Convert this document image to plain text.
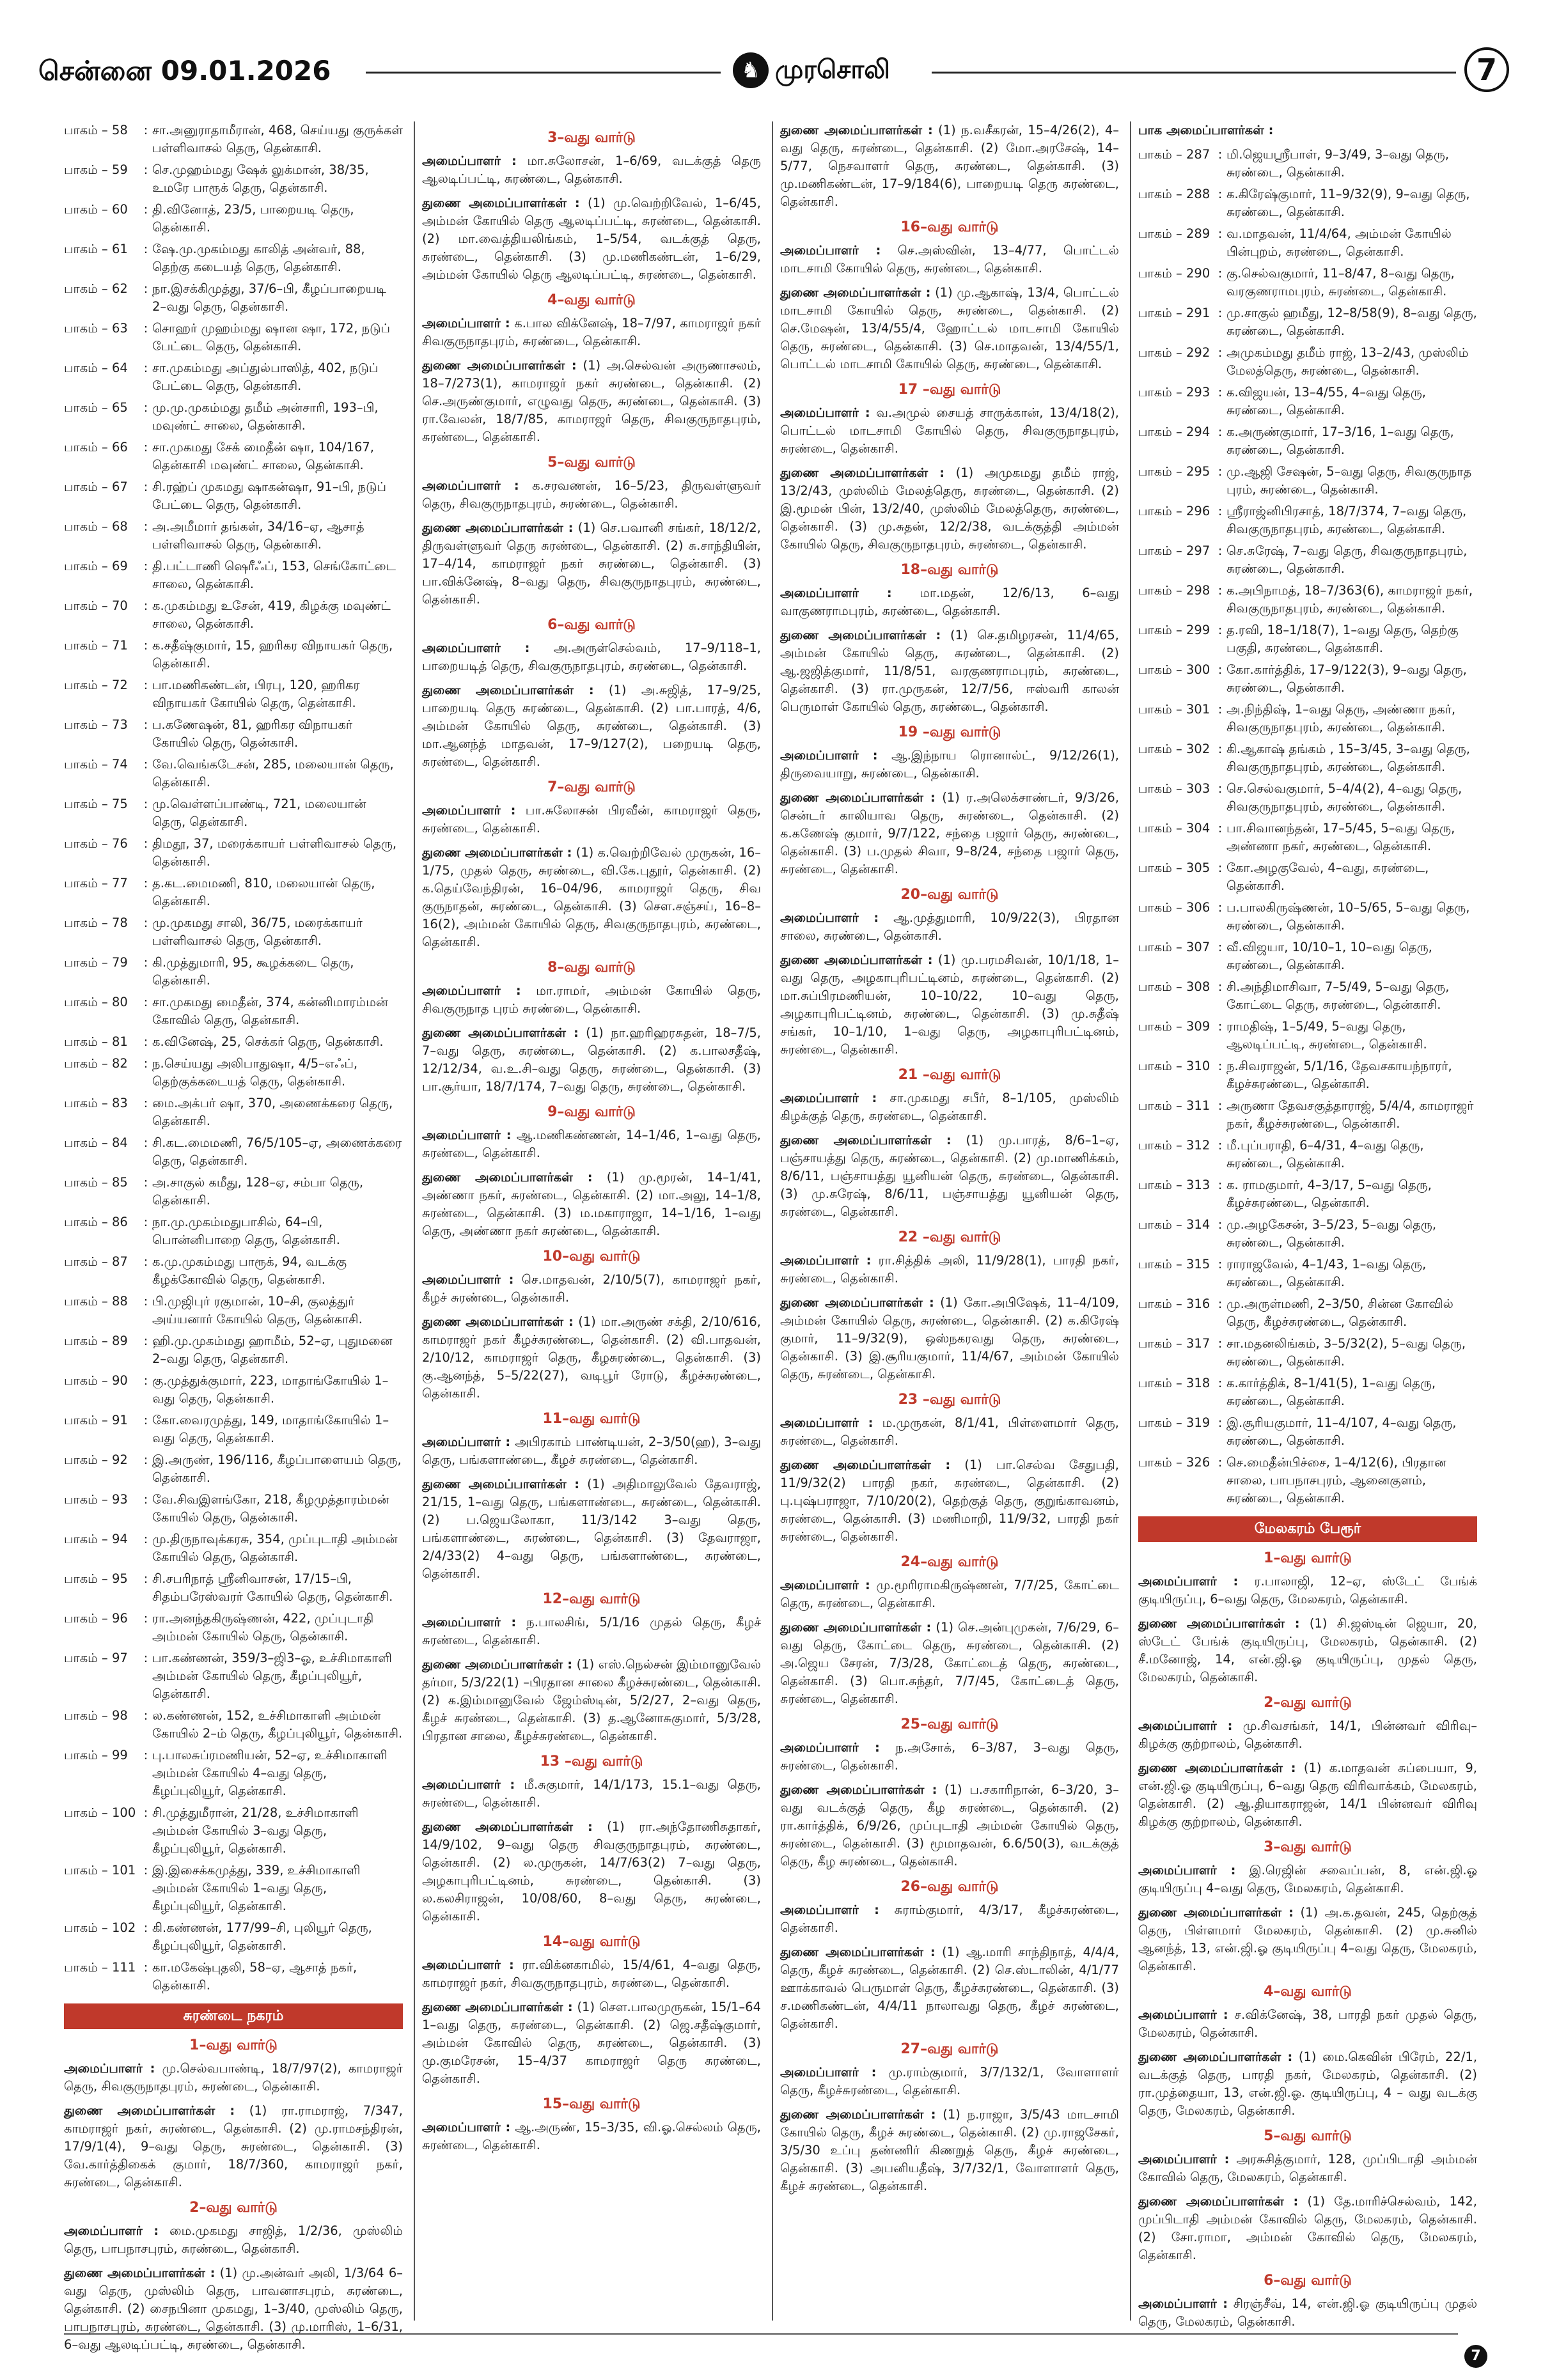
சென்னை 09.01.2026	♞ முரசொலி	7
பாகம் – 58	: சா.அனுராதாமீரான், 468, செய்யது குருக்கள் பள்ளிவாசல் தெரு, தென்காசி.
பாகம் – 59	: செ.முஹம்மது ஷேக் லுக்மான், 38/35, உமரே பாரூக் தெரு, தென்காசி.
பாகம் – 60	: தி.வினோத், 23/5, பாறையடி தெரு, தென்காசி.
பாகம் – 61	: ஷே.மு.முகம்மது காலித் அன்வர், 88, தெற்கு கடையத் தெரு, தென்காசி.
பாகம் – 62	: நா.இசக்கிமுத்து, 37/6–பி, கீழப்பாறையடி 2–வது தெரு, தென்காசி.
பாகம் – 63	: சொஹர் முஹம்மது ஷான ஷா, 172, நடுப் பேட்டை தெரு, தென்காசி.
பாகம் – 64	: சா.முகம்மது அப்துல்பாஸித், 402, நடுப் பேட்டை தெரு, தென்காசி.
பாகம் – 65	: மு.மு.முகம்மது தமீம் அன்சாரி, 193–பி, மவுண்ட் சாலை, தென்காசி.
பாகம் – 66	: சா.முகமது சேக் மைதீன் ஷா, 104/167, தென்காசி மவுண்ட் சாலை, தென்காசி.
பாகம் – 67	: சி.ரஹ்ப் முகமது ஷாகன்ஷா, 91–பி, நடுப் பேட்டை தெரு, தென்காசி.
பாகம் – 68	: அ.அமீமார் தங்கள், 34/16–ஏ, ஆசாத் பள்ளிவாசல் தெரு, தென்காசி.
பாகம் – 69	: தி.பட்டாணி ஷெரீஃப், 153, செங்கோட்டை சாலை, தென்காசி.
பாகம் – 70	: க.முகம்மது உசேன், 419, கிழக்கு மவுண்ட் சாலை, தென்காசி.
பாகம் – 71	: க.சதீஷ்குமார், 15, ஹரிகர விநாயகர் தெரு, தென்காசி.
பாகம் – 72	: பா.மணிகண்டன், பிரபு, 120, ஹரிகர விநாயகர் கோயில் தெரு, தென்காசி.
பாகம் – 73	: ப.கணேஷன், 81, ஹரிகர விநாயகர் கோயில் தெரு, தென்காசி.
பாகம் – 74	: வே.வெங்கடேசன், 285, மலையான் தெரு, தென்காசி.
பாகம் – 75	: மு.வெள்ளப்பாண்டி, 721, மலையான் தெரு, தென்காசி.
பாகம் – 76	: திமதூ, 37, மரைக்காயர் பள்ளிவாசல் தெரு, தென்காசி.
பாகம் – 77	: த.கட.மைமணி, 810, மலையான் தெரு, தென்காசி.
பாகம் – 78	: மு.முகமது சாலி, 36/75, மரைக்காயர் பள்ளிவாசல் தெரு, தென்காசி.
பாகம் – 79	: கி.முத்துமாரி, 95, கூழக்கடை தெரு, தென்காசி.
பாகம் – 80	: சா.முகமது மைதீன், 374, கன்னிமாரம்மன் கோவில் தெரு, தென்காசி.
பாகம் – 81	: க.வினேஷ், 25, செக்கர் தெரு, தென்காசி.
பாகம் – 82	: ந.செய்யது அலிபாதுஷா, 4/5–எஃப், தெற்குக்கடையத் தெரு, தென்காசி.
பாகம் – 83	: மை.அக்பர் ஷா, 370, அணைக்கரை தெரு, தென்காசி.
பாகம் – 84	: சி.கட.மைமணி, 76/5/105–ஏ, அணைக்கரை தெரு, தென்காசி.
பாகம் – 85	: அ.சாகுல் கமீது, 128–ஏ, சம்பா தெரு, தென்காசி.
பாகம் – 86	: நா.மு.முகம்மதுபாசில், 64–பி, பொன்னிபாறை தெரு, தென்காசி.
பாகம் – 87	: க.மு.முகம்மது பாரூக், 94, வடக்கு கீழக்கோவில் தெரு, தென்காசி.
பாகம் – 88	: பி.முஜிபுர் ரகுமான், 10–சி, குலத்துர் அய்யனார் கோயில் தெரு, தென்காசி.
பாகம் – 89	: ஹி.மு.முகம்மது ஹாமீம், 52–ஏ, புதுமனை 2–வது தெரு, தென்காசி.
பாகம் – 90	: கு.முத்துக்குமார், 223, மாதாங்கோயில் 1–வது தெரு, தென்காசி.
பாகம் – 91	: கோ.வைரமுத்து, 149, மாதாங்கோயில் 1–வது தெரு, தென்காசி.
பாகம் – 92	: இ.அருண், 196/116, கீழப்பாளையம் தெரு, தென்காசி.
பாகம் – 93	: வே.சிவஇளங்கோ, 218, கீழமுத்தாரம்மன் கோயில் தெரு, தென்காசி.
பாகம் – 94	: மு.திருநாவுக்கரசு, 354, முப்புடாதி அம்மன் கோயில் தெரு, தென்காசி.
பாகம் – 95	: சி.சபரிநாத் ஸ்ரீனிவாசன், 17/15–பி, சிதம்பரேஸ்வரர் கோயில் தெரு, தென்காசி.
பாகம் – 96	: ரா.அனந்தகிருஷ்ணன், 422, முப்புடாதி அம்மன் கோயில் தெரு, தென்காசி.
பாகம் – 97	: பா.கண்ணன், 359/3–ஜி3–ஓ, உச்சிமாகாளி அம்மன் கோயில் தெரு, கீழப்புலியூர், தென்காசி.
பாகம் – 98	: ல.கண்ணன், 152, உச்சிமாகாளி அம்மன் கோயில் 2–ம் தெரு, கீழப்புலியூர், தென்காசி.
பாகம் – 99	: பு.பாலசுப்ரமணியன், 52–ஏ, உச்சிமாகாளி அம்மன் கோயில் 4–வது தெரு, கீழப்புலியூர், தென்காசி.
பாகம் – 100 : சி.முத்துமீரான், 21/28, உச்சிமாகாளி அம்மன் கோயில் 3–வது தெரு, கீழப்புலியூர், தென்காசி.
பாகம் – 101 : இ.இசைக்கமுத்து, 339, உச்சிமாகாளி அம்மன் கோயில் 1–வது தெரு, கீழப்புலியூர், தென்காசி.
பாகம் – 102 : கி.கண்ணன், 177/99–சி, புலியூர் தெரு, கீழப்புலியூர், தென்காசி.
பாகம் – 111 : கா.மகேஷ்புதலி, 58–ஏ, ஆசாத் நகர், தென்காசி.
சுரண்டை நகரம்
1–வது வார்டு

அமைப்பாளர் : மு.செல்வபாண்டி, 18/7/97(2), காமராஜர் தெரு, சிவகுருநாதபுரம், சுரண்டை, தென்காசி.

துணை அமைப்பாளர்கள் : (1) ரா.ராமராஜ், 7/347, காமராஜர் நகர், சுரண்டை, தென்காசி. (2) மு.ராமசந்திரன், 17/9/1(4), 9–வது தெரு, சுரண்டை, தென்காசி. (3) வே.கார்த்திகைக் குமார், 18/7/360, காமராஜர் நகர், சுரண்டை, தென்காசி.

2–வது வார்டு

அமைப்பாளர் : மை.முகமது சாஜித், 1/2/36, முஸ்லிம் தெரு, பாபநாசபுரம், சுரண்டை, தென்காசி.

துணை அமைப்பாளர்கள் : (1) மு.அன்வர் அலி, 1/3/64 6–வது தெரு, முஸ்லிம் தெரு, பாவனாசபுரம், சுரண்டை, தென்காசி. (2) சைநபினா முகமது, 1–3/40, முஸ்லிம் தெரு, பாபநாசபுரம், சுரண்டை, தென்காசி. (3) மு.மாரிஸ், 1–6/31, 6–வது ஆலடிப்பட்டி, சுரண்டை, தென்காசி.

3–வது வார்டு

அமைப்பாளர் : மா.சுலோசன், 1–6/69, வடக்குத் தெரு ஆலடிப்பட்டி, சுரண்டை, தென்காசி.

துணை அமைப்பாளர்கள் : (1) மு.வெற்றிவேல், 1–6/45, அம்மன் கோயில் தெரு ஆலடிப்பட்டி, சுரண்டை, தென்காசி. (2) மா.வைத்தியலிங்கம், 1–5/54, வடக்குத் தெரு, சுரண்டை, தென்காசி. (3) மு.மணிகண்டன், 1–6/29, அம்மன் கோயில் தெரு ஆலடிப்பட்டி, சுரண்டை, தென்காசி.

4–வது வார்டு

அமைப்பாளர் : க.பால விக்னேஷ், 18–7/97, காமராஜர் நகர் சிவகுருநாதபுரம், சுரண்டை, தென்காசி.

துணை அமைப்பாளர்கள் : (1) அ.செல்வன் அருணாசலம், 18–7/273(1), காமராஜர் நகர் சுரண்டை, தென்காசி. (2) செ.அருண்குமார், எழுவது தெரு, சுரண்டை, தென்காசி. (3) ரா.வேலன், 18/7/85, காமராஜர் தெரு, சிவகுருநாதபுரம், சுரண்டை, தென்காசி.

5–வது வார்டு

அமைப்பாளர் : க.சரவணன், 16–5/23, திருவள்ளுவர் தெரு, சிவகுருநாதபுரம், சுரண்டை, தென்காசி.

துணை அமைப்பாளர்கள் : (1) செ.பவானி சங்கர், 18/12/2, திருவள்ளுவர் தெரு சுரண்டை, தென்காசி. (2) சு.சாந்தியின், 17–4/14, காமராஜர் நகர் சுரண்டை, தென்காசி. (3) பா.விக்னேஷ், 8–வது தெரு, சிவகுருநாதபுரம், சுரண்டை, தென்காசி.

6–வது வார்டு

அமைப்பாளர் : அ.அருள்செல்வம், 17–9/118–1, பாறையடித் தெரு, சிவகுருநாதபுரம், சுரண்டை, தென்காசி.

துணை அமைப்பாளர்கள் : (1) அ.சுஜித், 17–9/25, பாறையடி தெரு சுரண்டை, தென்காசி. (2) பா.பாரத், 4/6, அம்மன் கோயில் தெரு, சுரண்டை, தென்காசி. (3) மா.ஆனந்த் மாதவன், 17–9/127(2), பறையடி தெரு, சுரண்டை, தென்காசி.

7–வது வார்டு

அமைப்பாளர் : பா.சுலோசன் பிரவீன், காமராஜர் தெரு, சுரண்டை, தென்காசி.

துணை அமைப்பாளர்கள் : (1) க.வெற்றிவேல் முருகன், 16–1/75, முதல் தெரு, சுரண்டை, வி.கே.புதூர், தென்காசி. (2) க.தெய்வேந்திரன், 16–04/96, காமராஜர் தெரு, சிவ குருநாதன், சுரண்டை, தென்காசி. (3) சௌ.சஞ்சய், 16–8–16(2), அம்மன் கோயில் தெரு, சிவகுருநாதபுரம், சுரண்டை, தென்காசி.

8–வது வார்டு

அமைப்பாளர் : மா.ராமர், அம்மன் கோயில் தெரு, சிவகுருநாத புரம் சுரண்டை, தென்காசி.

துணை அமைப்பாளர்கள் : (1) நா.ஹரிஹரசுதன், 18–7/5, 7–வது தெரு, சுரண்டை, தென்காசி. (2) க.பாலசதீஷ், 12/12/34, வ.உ.சி–வது தெரு, சுரண்டை, தென்காசி. (3) பா.சூர்யா, 18/7/174, 7–வது தெரு, சுரண்டை, தென்காசி.

9–வது வார்டு

அமைப்பாளர் : ஆ.மணிகண்ணன், 14–1/46, 1–வது தெரு, சுரண்டை, தென்காசி.

துணை அமைப்பாளர்கள் : (1) மு.மூரன், 14–1/41, அண்ணா நகர், சுரண்டை, தென்காசி. (2) மா.அலு, 14–1/8, சுரண்டை, தென்காசி. (3) ம.மகாராஜா, 14–1/16, 1–வது தெரு, அண்ணா நகர் சுரண்டை, தென்காசி.

10–வது வார்டு

அமைப்பாளர் : செ.மாதவன், 2/10/5(7), காமராஜர் நகர், கீழச் சுரண்டை, தென்காசி.

துணை அமைப்பாளர்கள் : (1) மா.அருண் சக்தி, 2/10/616, காமராஜர் நகர் கீழச்சுரண்டை, தென்காசி. (2) வி.பாதவன், 2/10/12, காமராஜர் தெரு, கீழசுரண்டை, தென்காசி. (3) கு.ஆனந்த், 5–5/22(27), வடிபூர் ரோடு, கீழச்சுரண்டை, தென்காசி.

11–வது வார்டு

அமைப்பாளர் : அபிரகாம் பாண்டியன், 2–3/50(ஹ), 3–வது தெரு, பங்களாண்டை, கீழச் சுரண்டை, தென்காசி.

துணை அமைப்பாளர்கள் : (1) அதிமாலுவேல் தேவராஜ், 21/15, 1–வது தெரு, பங்களாண்டை, சுரண்டை, தென்காசி. (2) ப.ஜெயலோகா, 11/3/142 3–வது தெரு, பங்களாண்டை, சுரண்டை, தென்காசி. (3) தேவராஜா, 2/4/33(2) 4–வது தெரு, பங்களாண்டை, சுரண்டை, தென்காசி.

12–வது வார்டு

அமைப்பாளர் : ந.பாலசிங், 5/1/16 முதல் தெரு, கீழச் சுரண்டை, தென்காசி.

துணை அமைப்பாளர்கள் : (1) எஸ்.நெல்சன் இம்மானுவேல் தர்மா, 5/3/22(1) –பிரதான சாலை கீழச்சுரண்டை, தென்காசி. (2) க.இம்மானுவேல் ஜேம்ஸ்டின், 5/2/27, 2–வது தெரு, கீழச் சுரண்டை, தென்காசி. (3) த.ஆனோசுகுமார், 5/3/28, பிரதான சாலை, கீழச்சுரண்டை, தென்காசி.

13 –வது வார்டு

அமைப்பாளர் : மீ.சுகுமார், 14/1/173, 15.1–வது தெரு, சுரண்டை, தென்காசி.

துணை அமைப்பாளர்கள் : (1) ரா.அந்தோணிசுதாகர், 14/9/102, 9–வது தெரு சிவகுருநாதபுரம், சுரண்டை, தென்காசி. (2) ல.முருகன், 14/7/63(2) 7–வது தெரு, அழகாபுரிபட்டினம், சுரண்டை, தென்காசி. (3) ல.கலசிராஜன், 10/08/60, 8–வது தெரு, சுரண்டை, தென்காசி.

14–வது வார்டு

அமைப்பாளர் : ரா.விக்னகாமில், 15/4/61, 4–வது தெரு, காமராஜர் நகர், சிவகுருநாதபுரம், சுரண்டை, தென்காசி.

துணை அமைப்பாளர்கள் : (1) சௌ.பாலமுருகன், 15/1–64 1–வது தெரு, சுரண்டை, தென்காசி. (2) ஜெ.சதீஷ்குமார், அம்மன் கோவில் தெரு, சுரண்டை, தென்காசி. (3) மு.குமரேசன், 15–4/37 காமராஜர் தெரு சுரண்டை, தென்காசி.

15–வது வார்டு

அமைப்பாளர் : ஆ.அருண், 15–3/35, வி.ஓ.செல்லம் தெரு, சுரண்டை, தென்காசி.

துணை அமைப்பாளர்கள் : (1) ந.வசீகரன், 15–4/26(2), 4–வது தெரு, சுரண்டை, தென்காசி. (2) மோ.அரசேஷ், 14–5/77, நெசவாளர் தெரு, சுரண்டை, தென்காசி. (3) மு.மணிகண்டன், 17–9/184(6), பாறையடி தெரு சுரண்டை, தென்காசி.

16–வது வார்டு

அமைப்பாளர் : செ.அஸ்வின், 13–4/77, பொட்டல் மாடசாமி கோயில் தெரு, சுரண்டை, தென்காசி.

துணை அமைப்பாளர்கள் : (1) மு.ஆகாஷ், 13/4, பொட்டல் மாடசாமி கோயில் தெரு, சுரண்டை, தென்காசி. (2) செ.மேஷன், 13/4/55/4, ஹோட்டல் மாடசாமி கோயில் தெரு, சுரண்டை, தென்காசி. (3) செ.மாதவன், 13/4/55/1, பொட்டல் மாடசாமி கோயில் தெரு, சுரண்டை, தென்காசி.

17 –வது வார்டு

அமைப்பாளர் : வ.அமுல் சையத் சாருக்கான், 13/4/18(2), பொட்டல் மாடசாமி கோயில் தெரு, சிவகுருநாதபுரம், சுரண்டை, தென்காசி.

துணை அமைப்பாளர்கள் : (1) அமுகமது தமீம் ராஜ், 13/2/43, முஸ்லிம் மேலத்தெரு, சுரண்டை, தென்காசி. (2) இ.மூமன் பின், 13/2/40, முஸ்லிம் மேலத்தெரு, சுரண்டை, தென்காசி. (3) மு.சுதன், 12/2/38, வடக்குத்தி அம்மன் கோயில் தெரு, சிவகுருநாதபுரம், சுரண்டை, தென்காசி.

18–வது வார்டு

அமைப்பாளர் : மா.மதன், 12/6/13, 6–வது வாகுணராமபுரம், சுரண்டை, தென்காசி.

துணை அமைப்பாளர்கள் : (1) செ.தமிழரசன், 11/4/65, அம்மன் கோயில் தெரு, சுரண்டை, தென்காசி. (2) ஆ.ஜஜித்குமார், 11/8/51, வரகுணராமபுரம், சுரண்டை, தென்காசி. (3) ரா.முருகன், 12/7/56, ஈஸ்வரி காலன் பெருமாள் கோயில் தெரு, சுரண்டை, தென்காசி.

19 –வது வார்டு

அமைப்பாளர் : ஆ.இந்நாய ரொனால்ட், 9/12/26(1), திருவையாறு, சுரண்டை, தென்காசி.

துணை அமைப்பாளர்கள் : (1) ர.அலெக்சாண்டர், 9/3/26, சென்டர் காலியாவ தெரு, சுரண்டை, தென்காசி. (2) க.கணேஷ் குமார், 9/7/122, சந்தை பஜார் தெரு, சுரண்டை, தென்காசி. (3) ப.முதல் சிவா, 9–8/24, சந்தை பஜார் தெரு, சுரண்டை, தென்காசி.

20–வது வார்டு

அமைப்பாளர் : ஆ.முத்துமாரி, 10/9/22(3), பிரதான சாலை, சுரண்டை, தென்காசி.

துணை அமைப்பாளர்கள் : (1) மு.பரமசிவன், 10/1/18, 1–வது தெரு, அழகாபுரிபட்டினம், சுரண்டை, தென்காசி. (2) மா.சுப்பிரமணியன், 10–10/22, 10–வது தெரு, அழகாபுரிபட்டினம், சுரண்டை, தென்காசி. (3) மு.சுதீஷ் சங்கர், 10–1/10, 1–வது தெரு, அழகாபுரிபட்டினம், சுரண்டை, தென்காசி.

21 –வது வார்டு

அமைப்பாளர் : சா.முகமது சபீர், 8–1/105, முஸ்லிம் கிழக்குத் தெரு, சுரண்டை, தென்காசி.

துணை அமைப்பாளர்கள் : (1) மு.பாரத், 8/6–1–ஏ, பஞ்சாயத்து தெரு, சுரண்டை, தென்காசி. (2) மு.மாணிக்கம், 8/6/11, பஞ்சாயத்து யூனியன் தெரு, சுரண்டை, தென்காசி. (3) மு.சுரேஷ், 8/6/11, பஞ்சாயத்து யூனியன் தெரு, சுரண்டை, தென்காசி.

22 –வது வார்டு

அமைப்பாளர் : ரா.சித்திக் அலி, 11/9/28(1), பாரதி நகர், சுரண்டை, தென்காசி.

துணை அமைப்பாளர்கள் : (1) கோ.அபிஷேக், 11–4/109, அம்மன் கோயில் தெரு, சுரண்டை, தென்காசி. (2) க.கிரேஷ் குமார், 11–9/32(9), ஒஸ்நகரவது தெரு, சுரண்டை, தென்காசி. (3) இ.சூரியகுமார், 11/4/67, அம்மன் கோயில் தெரு, சுரண்டை, தென்காசி.

23 –வது வார்டு

அமைப்பாளர் : ம.முருகன், 8/1/41, பிள்ளைமார் தெரு, சுரண்டை, தென்காசி.

துணை அமைப்பாளர்கள் : (1) பா.செல்வ சேதுபதி, 11/9/32(2) பாரதி நகர், சுரண்டை, தென்காசி. (2) பு.புஷ்பராஜா, 7/10/20(2), தெற்குத் தெரு, குறுங்காவனம், சுரண்டை, தென்காசி. (3) மணிமாறி, 11/9/32, பாரதி நகர் சுரண்டை, தென்காசி.

24–வது வார்டு

அமைப்பாளர் : மு.மூரிராமகிருஷ்ணன், 7/7/25, கோட்டை தெரு, சுரண்டை, தென்காசி.

துணை அமைப்பாளர்கள் : (1) செ.அன்புமுகன், 7/6/29, 6–வது தெரு, கோட்டை தெரு, சுரண்டை, தென்காசி. (2) அ.ஜெய சேரன், 7/3/28, கோட்டைத் தெரு, சுரண்டை, தென்காசி. (3) பொ.சுந்தர், 7/7/45, கோட்டைத் தெரு, சுரண்டை, தென்காசி.

25–வது வார்டு

அமைப்பாளர் : ந.அசோக், 6–3/87, 3–வது தெரு, சுரண்டை, தென்காசி.

துணை அமைப்பாளர்கள் : (1) ப.சகாரிநான், 6–3/20, 3–வது வடக்குத் தெரு, கீழ சுரண்டை, தென்காசி. (2) ரா.கார்த்திக், 6/9/26, முப்புடாதி அம்மன் கோயில் தெரு, சுரண்டை, தென்காசி. (3) மூமாதவன், 6.6/50(3), வடக்குத் தெரு, கீழ சுரண்டை, தென்காசி.

26–வது வார்டு

அமைப்பாளர் : சுராம்குமார், 4/3/17, கீழச்சுரண்டை, தென்காசி.

துணை அமைப்பாளர்கள் : (1) ஆ.மாரி சாந்திநாத், 4/4/4, தெரு, கீழச் சுரண்டை, தென்காசி. (2) செ.ஸ்டாலின், 4/1/77 ஊாக்காவல் பெருமாள் தெரு, கீழச்சுரண்டை, தென்காசி. (3) ச.மணிகண்டன், 4/4/11 நாலாவது தெரு, கீழச் சுரண்டை, தென்காசி.

27–வது வார்டு

அமைப்பாளர் : மு.ராம்குமார், 3/7/132/1, வோளாளர் தெரு, கீழச்சுரண்டை, தென்காசி.

துணை அமைப்பாளர்கள் : (1) ந.ராஜா, 3/5/43 மாடசாமி கோயில் தெரு, கீழச் சுரண்டை, தென்காசி. (2) மு.ராஜசேகர், 3/5/30 உப்பு தண்ணிர் கிணறுத் தெரு, கீழச் சுரண்டை, தென்காசி. (3) அபனியதீஷ், 3/7/32/1, வோளாளர் தெரு, கீழச் சுரண்டை, தென்காசி.

பாக அமைப்பாளர்கள் :

பாகம் – 287 : மி.ஜெயஸ்ரீபாள், 9–3/49, 3–வது தெரு, சுரண்டை, தென்காசி.
பாகம் – 288 : க.கிரேஷ்குமார், 11–9/32(9), 9–வது தெரு, சுரண்டை, தென்காசி.
பாகம் – 289 : வ.மாதவன், 11/4/64, அம்மன் கோயில் பின்புறம், சுரண்டை, தென்காசி.
பாகம் – 290 : கு.செல்வகுமார், 11–8/47, 8–வது தெரு, வரகுணராமபுரம், சுரண்டை, தென்காசி.
பாகம் – 291 : மு.சாகுல் ஹமீது, 12–8/58(9), 8–வது தெரு, சுரண்டை, தென்காசி.
பாகம் – 292 : அமுகம்மது தமீம் ராஜ், 13–2/43, முஸ்லிம் மேலத்தெரு, சுரண்டை, தென்காசி.
பாகம் – 293 : க.விஜயன், 13–4/55, 4–வது தெரு, சுரண்டை, தென்காசி.
பாகம் – 294 : க.அருண்குமார், 17–3/16, 1–வது தெரு, சுரண்டை, தென்காசி.
பாகம் – 295 : மு.ஆஜி சேஷன், 5–வது தெரு, சிவகுருநாத புரம், சுரண்டை, தென்காசி.
பாகம் – 296 : ஸ்ரீராஜ்னிபிரசாத், 18/7/374, 7–வது தெரு, சிவகுருநாதபுரம், சுரண்டை, தென்காசி.
பாகம் – 297 : செ.சுரேஷ், 7–வது தெரு, சிவகுருநாதபுரம், சுரண்டை, தென்காசி.
பாகம் – 298 : க.அபிநாமத், 18–7/363(6), காமராஜர் நகர், சிவகுருநாதபுரம், சுரண்டை, தென்காசி.
பாகம் – 299 : த.ரவி, 18–1/18(7), 1–வது தெரு, தெற்கு பகுதி, சுரண்டை, தென்காசி.
பாகம் – 300 : கோ.கார்த்திக், 17–9/122(3), 9–வது தெரு, சுரண்டை, தென்காசி.
பாகம் – 301 : அ.நிந்திஷ், 1–வது தெரு, அண்ணா நகர், சிவகுருநாதபுரம், சுரண்டை, தென்காசி.
பாகம் – 302 : கி.ஆகாஷ் தங்கம் , 15–3/45, 3–வது தெரு, சிவகுருநாதபுரம், சுரண்டை, தென்காசி.
பாகம் – 303 : செ.செல்வகுமார், 5–4/4(2), 4–வது தெரு, சிவகுருநாதபுரம், சுரண்டை, தென்காசி.
பாகம் – 304 : பா.சிவானந்தன், 17–5/45, 5–வது தெரு, அண்ணா நகர், சுரண்டை, தென்காசி.
பாகம் – 305 : கோ.அழகுவேல், 4–வது, சுரண்டை, தென்காசி.
பாகம் – 306 : ப.பாலகிருஷ்ணன், 10–5/65, 5–வது தெரு, சுரண்டை, தென்காசி.
பாகம் – 307 : வீ.விஜயா, 10/10–1, 10–வது தெரு, சுரண்டை, தென்காசி.
பாகம் – 308 : சி.அந்திமாசிவா, 7–5/49, 5–வது தெரு, கோட்டை தெரு, சுரண்டை, தென்காசி.
பாகம் – 309 : ராமதிஷ், 1–5/49, 5–வது தெரு, ஆலடிப்பட்டி, சுரண்டை, தென்காசி.
பாகம் – 310 : ந.சிவராஜன், 5/1/16, தேவசகாயந்நாரர், கீழச்சுரண்டை, தென்காசி.
பாகம் – 311 : அருணா தேவசகுத்தாராஜ், 5/4/4, காமராஜர் நகர், கீழச்சுரண்டை, தென்காசி.
பாகம் – 312 : மீ.புப்பராதி, 6–4/31, 4–வது தெரு, சுரண்டை, தென்காசி.
பாகம் – 313 : க. ராமகுமார், 4–3/17, 5–வது தெரு, கீழச்சுரண்டை, தென்காசி.
பாகம் – 314 : மு.அழகேசன், 3–5/23, 5–வது தெரு, சுரண்டை, தென்காசி.
பாகம் – 315 : ராராஜவேல், 4–1/43, 1–வது தெரு, சுரண்டை, தென்காசி.
பாகம் – 316 : மு.அருள்மணி, 2–3/50, சின்ன கோவில் தெரு, கீழச்சுரண்டை, தென்காசி.
பாகம் – 317 : சா.மதனலிங்கம், 3–5/32(2), 5–வது தெரு, சுரண்டை, தென்காசி.
பாகம் – 318 : க.கார்த்திக், 8–1/41(5), 1–வது தெரு, சுரண்டை, தென்காசி.
பாகம் – 319 : இ.சூரியகுமார், 11–4/107, 4–வது தெரு, சுரண்டை, தென்காசி.
பாகம் – 326 : செ.மைதீன்பிச்சை, 1–4/12(6), பிரதான சாலை, பாபநாசபுரம், ஆனைகுளம், சுரண்டை, தென்காசி.
மேலகரம் பேரூர்
1–வது வார்டு

அமைப்பாளர் : ர.பாலாஜி, 12–ஏ, ஸ்டேட் பேங்க் குடியிருப்பு, 6–வது தெரு, மேலகரம், தென்காசி.

துணை அமைப்பாளர்கள் : (1) சி.ஜஸ்டின் ஜெயா, 20, ஸ்டேட் பேங்க் குடியிருப்பு, மேலகரம், தென்காசி. (2) சீ.மனோஜ், 14, என்.ஜி.ஓ குடியிருப்பு, முதல் தெரு, மேலகரம், தென்காசி.

2–வது வார்டு

அமைப்பாளர் : மு.சிவசங்கர், 14/1, பின்னவர் விரிவு–கிழக்கு குற்றாலம், தென்காசி.

துணை அமைப்பாளர்கள் : (1) க.மாதவன் சுப்பையா, 9, என்.ஜி.ஓ குடியிருப்பு, 6–வது தெரு விரிவாக்கம், மேலகரம், தென்காசி. (2) ஆ.தியாகராஜன், 14/1 பின்னவர் விரிவு கிழக்கு குற்றாலம், தென்காசி.

3–வது வார்டு

அமைப்பாளர் : இ.ரெஜின் சவைப்பன், 8, என்.ஜி.ஓ குடியிருப்பு 4–வது தெரு, மேலகரம், தென்காசி.

துணை அமைப்பாளர்கள் : (1) அ.க.தவன், 245, தெற்குத் தெரு, பிள்ளமார் மேலகரம், தென்காசி. (2) மு.சுனில் ஆனந்த், 13, என்.ஜி.ஓ குடியிருப்பு 4–வது தெரு, மேலகரம், தென்காசி.

4–வது வார்டு

அமைப்பாளர் : ச.விக்னேஷ், 38, பாரதி நகர் முதல் தெரு, மேலகரம், தென்காசி.

துணை அமைப்பாளர்கள் : (1) மை.கெவின் பிரேம், 22/1, வடக்குத் தெரு, பாரதி நகர், மேலகரம், தென்காசி. (2) ரா.முத்தையா, 13, என்.ஜி.ஓ. குடியிருப்பு, 4 – வது வடக்கு தெரு, மேலகரம், தென்காசி.

5–வது வார்டு

அமைப்பாளர் : அரசுசித்குமார், 128, முப்பிடாதி அம்மன் கோவில் தெரு, மேலகரம், தென்காசி.

துணை அமைப்பாளர்கள் : (1) தே.மாரிச்செல்வம், 142, முப்பிடாதி அம்மன் கோவில் தெரு, மேலகரம், தென்காசி. (2) சோ.ராமா, அம்மன் கோவில் தெரு, மேலகரம், தென்காசி.

6–வது வார்டு

அமைப்பாளர் : சிரஞ்சீவ், 14, என்.ஜி.ஓ குடியிருப்பு முதல் தெரு, மேலகரம், தென்காசி.

7
